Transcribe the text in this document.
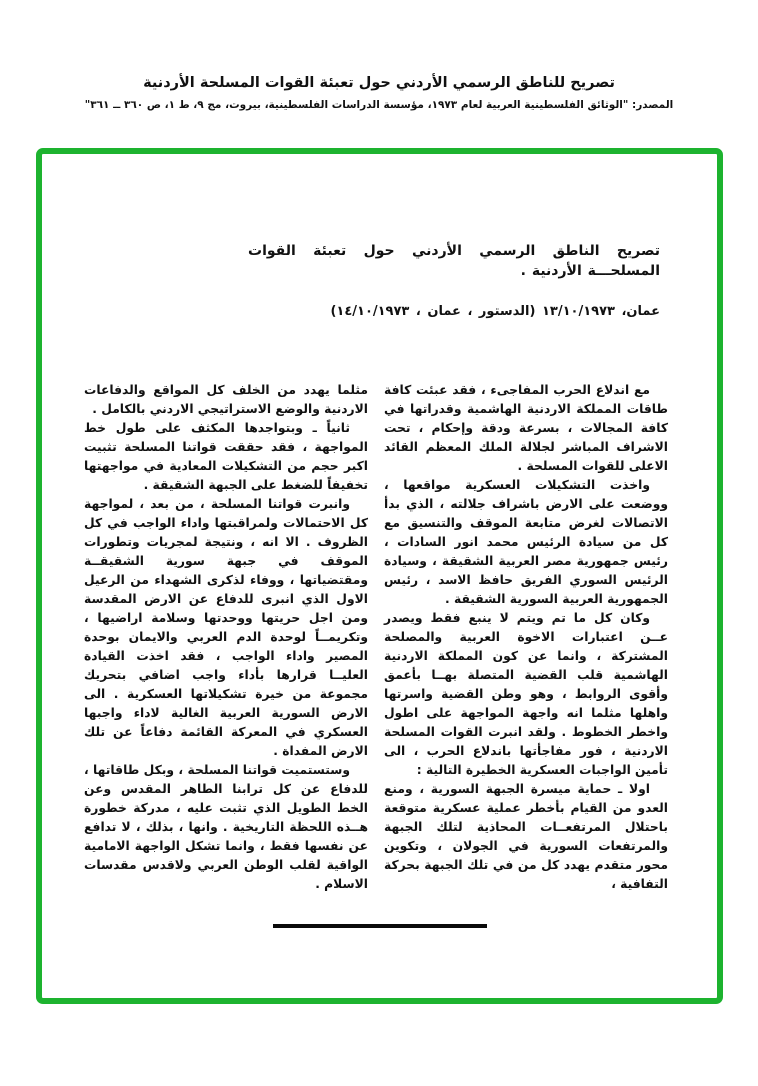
تصريح للناطق الرسمي الأردني حول تعبئة القوات المسلحة الأردنية
المصدر: "الوثائق الفلسطينية العربية لعام ١٩٧٣، مؤسسة الدراسات الفلسطينية، بيروت، مج ٩، ط ١، ص ٣٦٠ ــ ٣٦١"
تصريح الناطق الرسمي الأردني حول تعبئة القوات المسلحـــة الأردنية .
عمان، ١٣/١٠/١٩٧٣ (الدستور ، عمان ، ١٤/١٠/١٩٧٣)

مع اندلاع الحرب المفاجىء ، فقد عبئت كافة طاقات المملكة الاردنية الهاشمية وقدراتها في كافة المجالات ، بسرعة ودقة وإحكام ، تحت الاشراف المباشر لجلالة الملك المعظم القائد الاعلى للقوات المسلحة .

واخذت التشكيلات العسكرية مواقعها ، ووضعت على الارض باشراف جلالته ، الذي بدأ الاتصالات لغرض متابعة الموقف والتنسيق مع كل من سيادة الرئيس محمد انور السادات ، رئيس جمهورية مصر العربية الشقيقة ، وسيادة الرئيس السوري الفريق حافظ الاسد ، رئيس الجمهورية العربية السورية الشقيقة .

وكان كل ما تم ويتم لا ينبع فقط ويصدر عــن اعتبارات الاخوة العربية والمصلحة المشتركة ، وانما عن كون المملكة الاردنية الهاشمية قلب القضية المتصلة بهــا بأعمق وأقوى الروابط ، وهو وطن القضية واسرتها واهلها مثلما انه واجهة المواجهة على اطول واخطر الخطوط . ولقد انبرت القوات المسلحة الاردنية ، فور مفاجأتها باندلاع الحرب ، الى تأمين الواجبات العسكرية الخطيرة التالية :

اولا ـ حماية ميسرة الجبهة السورية ، ومنع العدو من القيام بأخطر عملية عسكرية متوقعة باحتلال المرتفعــات المحاذية لتلك الجبهة والمرتفعات السورية في الجولان ، وتكوين محور متقدم يهدد كل من في تلك الجبهة بحركة التفافية ،

مثلما يهدد من الخلف كل المواقع والدفاعات الاردنية والوضع الاستراتيجي الاردني بالكامل .

ثانياً ـ وبتواجدها المكثف على طول خط المواجهة ، فقد حققت قواتنا المسلحة تثبيت اكبر حجم من التشكيلات المعادية في مواجهتها تخفيفاً للضغط على الجبهة الشقيقة .

وانبرت قواتنا المسلحة ، من بعد ، لمواجهة كل الاحتمالات ولمراقبتها واداء الواجب في كل الظروف . الا انه ، ونتيجة لمجريات وتطورات الموقف في جبهة سورية الشقيقــة ومقتضياتها ، ووفاء لذكرى الشهداء من الرعيل الاول الذي انبرى للدفاع عن الارض المقدسة ومن اجل حريتها ووحدتها وسلامة اراضيها ، وتكريمــاً لوحدة الدم العربي والايمان بوحدة المصير واداء الواجب ، فقد اخذت القيادة العليــا قرارها بأداء واجب اضافي بتحريك مجموعة من خيرة تشكيلاتها العسكرية . الى الارض السورية العربية الغالية لاداء واجبها العسكري في المعركة القائمة دفاعاً عن تلك الارض المفداة .

وستستميت قواتنا المسلحة ، وبكل طاقاتها ، للدفاع عن كل ترابنا الطاهر المقدس وعن الخط الطويل الذي تثبت عليه ، مدركة خطورة هــذه اللحظة التاريخية . وانها ، بذلك ، لا تدافع عن نفسها فقط ، وانما تشكل الواجهة الامامية الواقية لقلب الوطن العربي ولاقدس مقدسات الاسلام .
